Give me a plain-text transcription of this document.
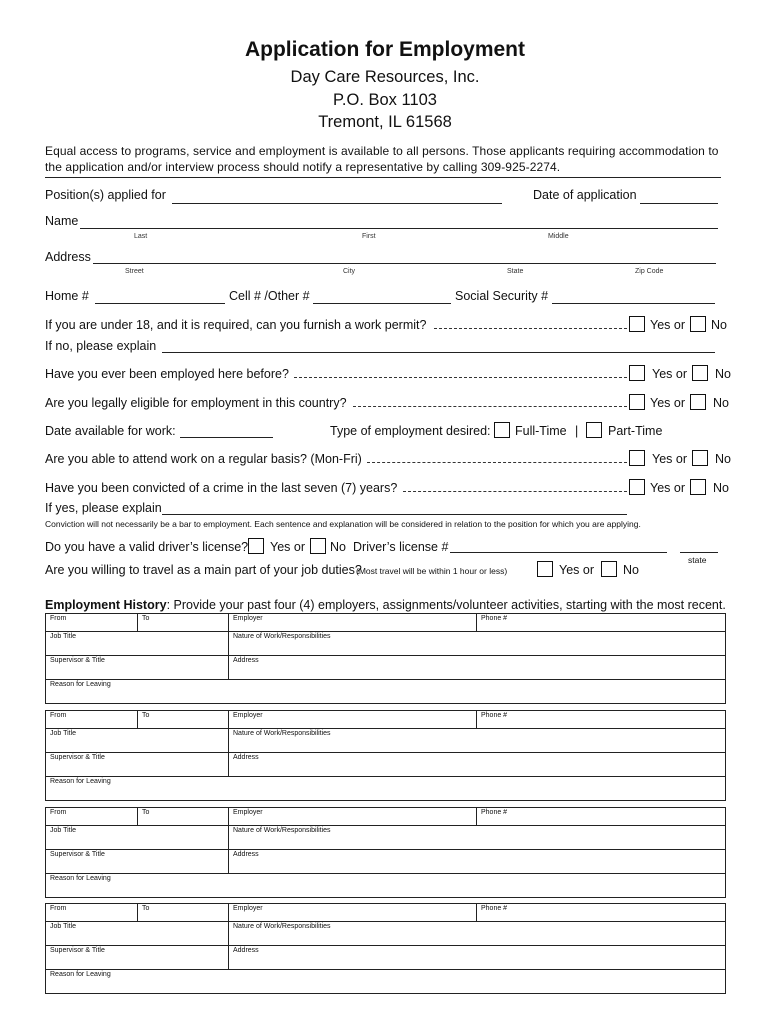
Application for Employment
Day Care Resources, Inc.
P.O. Box 1103
Tremont, IL 61568
Equal access to programs, service and employment is available to all persons. Those applicants requiring accommodation to the application and/or interview process should notify a representative by calling 309-925-2274.
Position(s) applied for	Date of application
Name
Last	First	Middle
Address
Street	City	State	Zip Code
Home #	Cell # /Other #	Social Security #
If you are under 18, and it is required, can you furnish a work permit?	Yes or No
If no, please explain
Have you ever been employed here before?	Yes or No
Are you legally eligible for employment in this country?	Yes or No
Date available for work:	Type of employment desired: Full-Time | Part-Time
Are you able to attend work on a regular basis? (Mon-Fri)	Yes or No
Have you been convicted of a crime in the last seven (7) years?	Yes or No
If yes, please explain
Conviction will not necessarily be a bar to employment. Each sentence and explanation will be considered in relation to the position for which you are applying.
Do you have a valid driver’s license? Yes or No Driver’s license #
state
Are you willing to travel as a main part of your job duties?
(Most travel will be within 1 hour or less)	Yes or No
Employment History: Provide your past four (4) employers, assignments/volunteer activities, starting with the most recent.
From	To	Employer	Phone #
Job Title		Nature of Work/Responsibilities	
Supervisor & Title		Address	
Reason for Leaving			
From	To	Employer	Phone #
Job Title		Nature of Work/Responsibilities	
Supervisor & Title		Address	
Reason for Leaving			
From	To	Employer	Phone #
Job Title		Nature of Work/Responsibilities	
Supervisor & Title		Address	
Reason for Leaving			
From	To	Employer	Phone #
Job Title		Nature of Work/Responsibilities	
Supervisor & Title		Address	
Reason for Leaving			
